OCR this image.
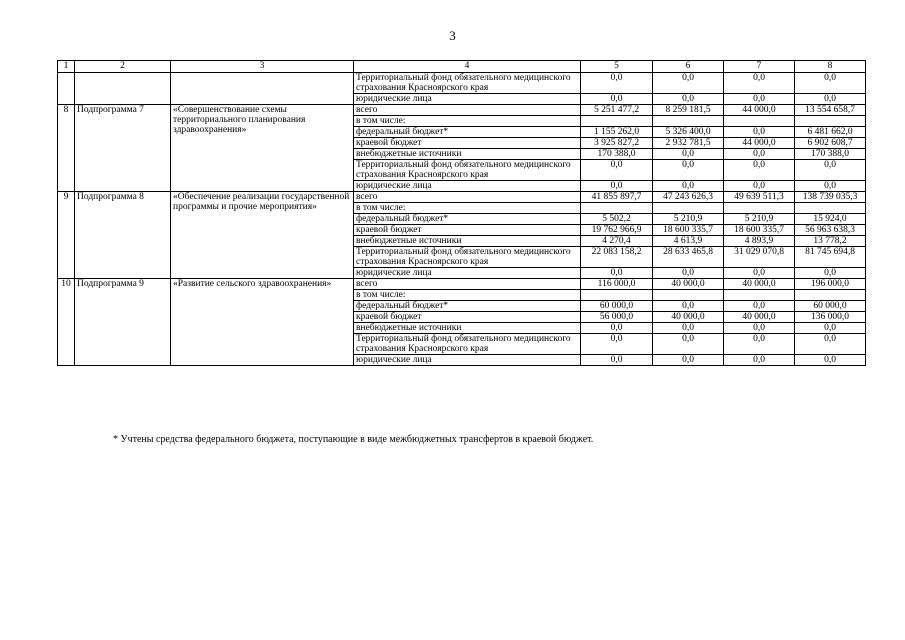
3
1	2	3	4	5	6	7	8
			Территориальный фонд обязательного медицинского страхования Красноярского края	0,0	0,0	0,0	0,0
			юридические лица	0,0	0,0	0,0	0,0
8	Подпрограмма 7	«Совершенствование схемы территориального планирования здравоохранения»	всего	5 251 477,2	8 259 181,5	44 000,0	13 554 658,7
			в том числе:				
			федеральный бюджет*	1 155 262,0	5 326 400,0	0,0	6 481 662,0
			краевой бюджет	3 925 827,2	2 932 781,5	44 000,0	6 902 608,7
			внебюджетные источники	170 388,0	0,0	0,0	170 388,0
			Территориальный фонд обязательного медицинского страхования Красноярского края	0,0	0,0	0,0	0,0
			юридические лица	0,0	0,0	0,0	0,0
9	Подпрограмма 8	«Обеспечение реализации государственной программы и прочие мероприятия»	всего	41 855 897,7	47 243 626,3	49 639 511,3	138 739 035,3
			в том числе:				
			федеральный бюджет*	5 502,2	5 210,9	5 210,9	15 924,0
			краевой бюджет	19 762 966,9	18 600 335,7	18 600 335,7	56 963 638,3
			внебюджетные источники	4 270,4	4 613,9	4 893,9	13 778,2
			Территориальный фонд обязательного медицинского страхования Красноярского края	22 083 158,2	28 633 465,8	31 029 070,8	81 745 694,8
			юридические лица	0,0	0,0	0,0	0,0
10	Подпрограмма 9	«Развитие сельского здравоохранения»	всего	116 000,0	40 000,0	40 000,0	196 000,0
			в том числе:				
			федеральный бюджет*	60 000,0	0,0	0,0	60 000,0
			краевой бюджет	56 000,0	40 000,0	40 000,0	136 000,0
			внебюджетные источники	0,0	0,0	0,0	0,0
			Территориальный фонд обязательного медицинского страхования Красноярского края	0,0	0,0	0,0	0,0
			юридические лица	0,0	0,0	0,0	0,0
* Учтены средства федерального бюджета, поступающие в виде межбюджетных трансфертов в краевой бюджет.
